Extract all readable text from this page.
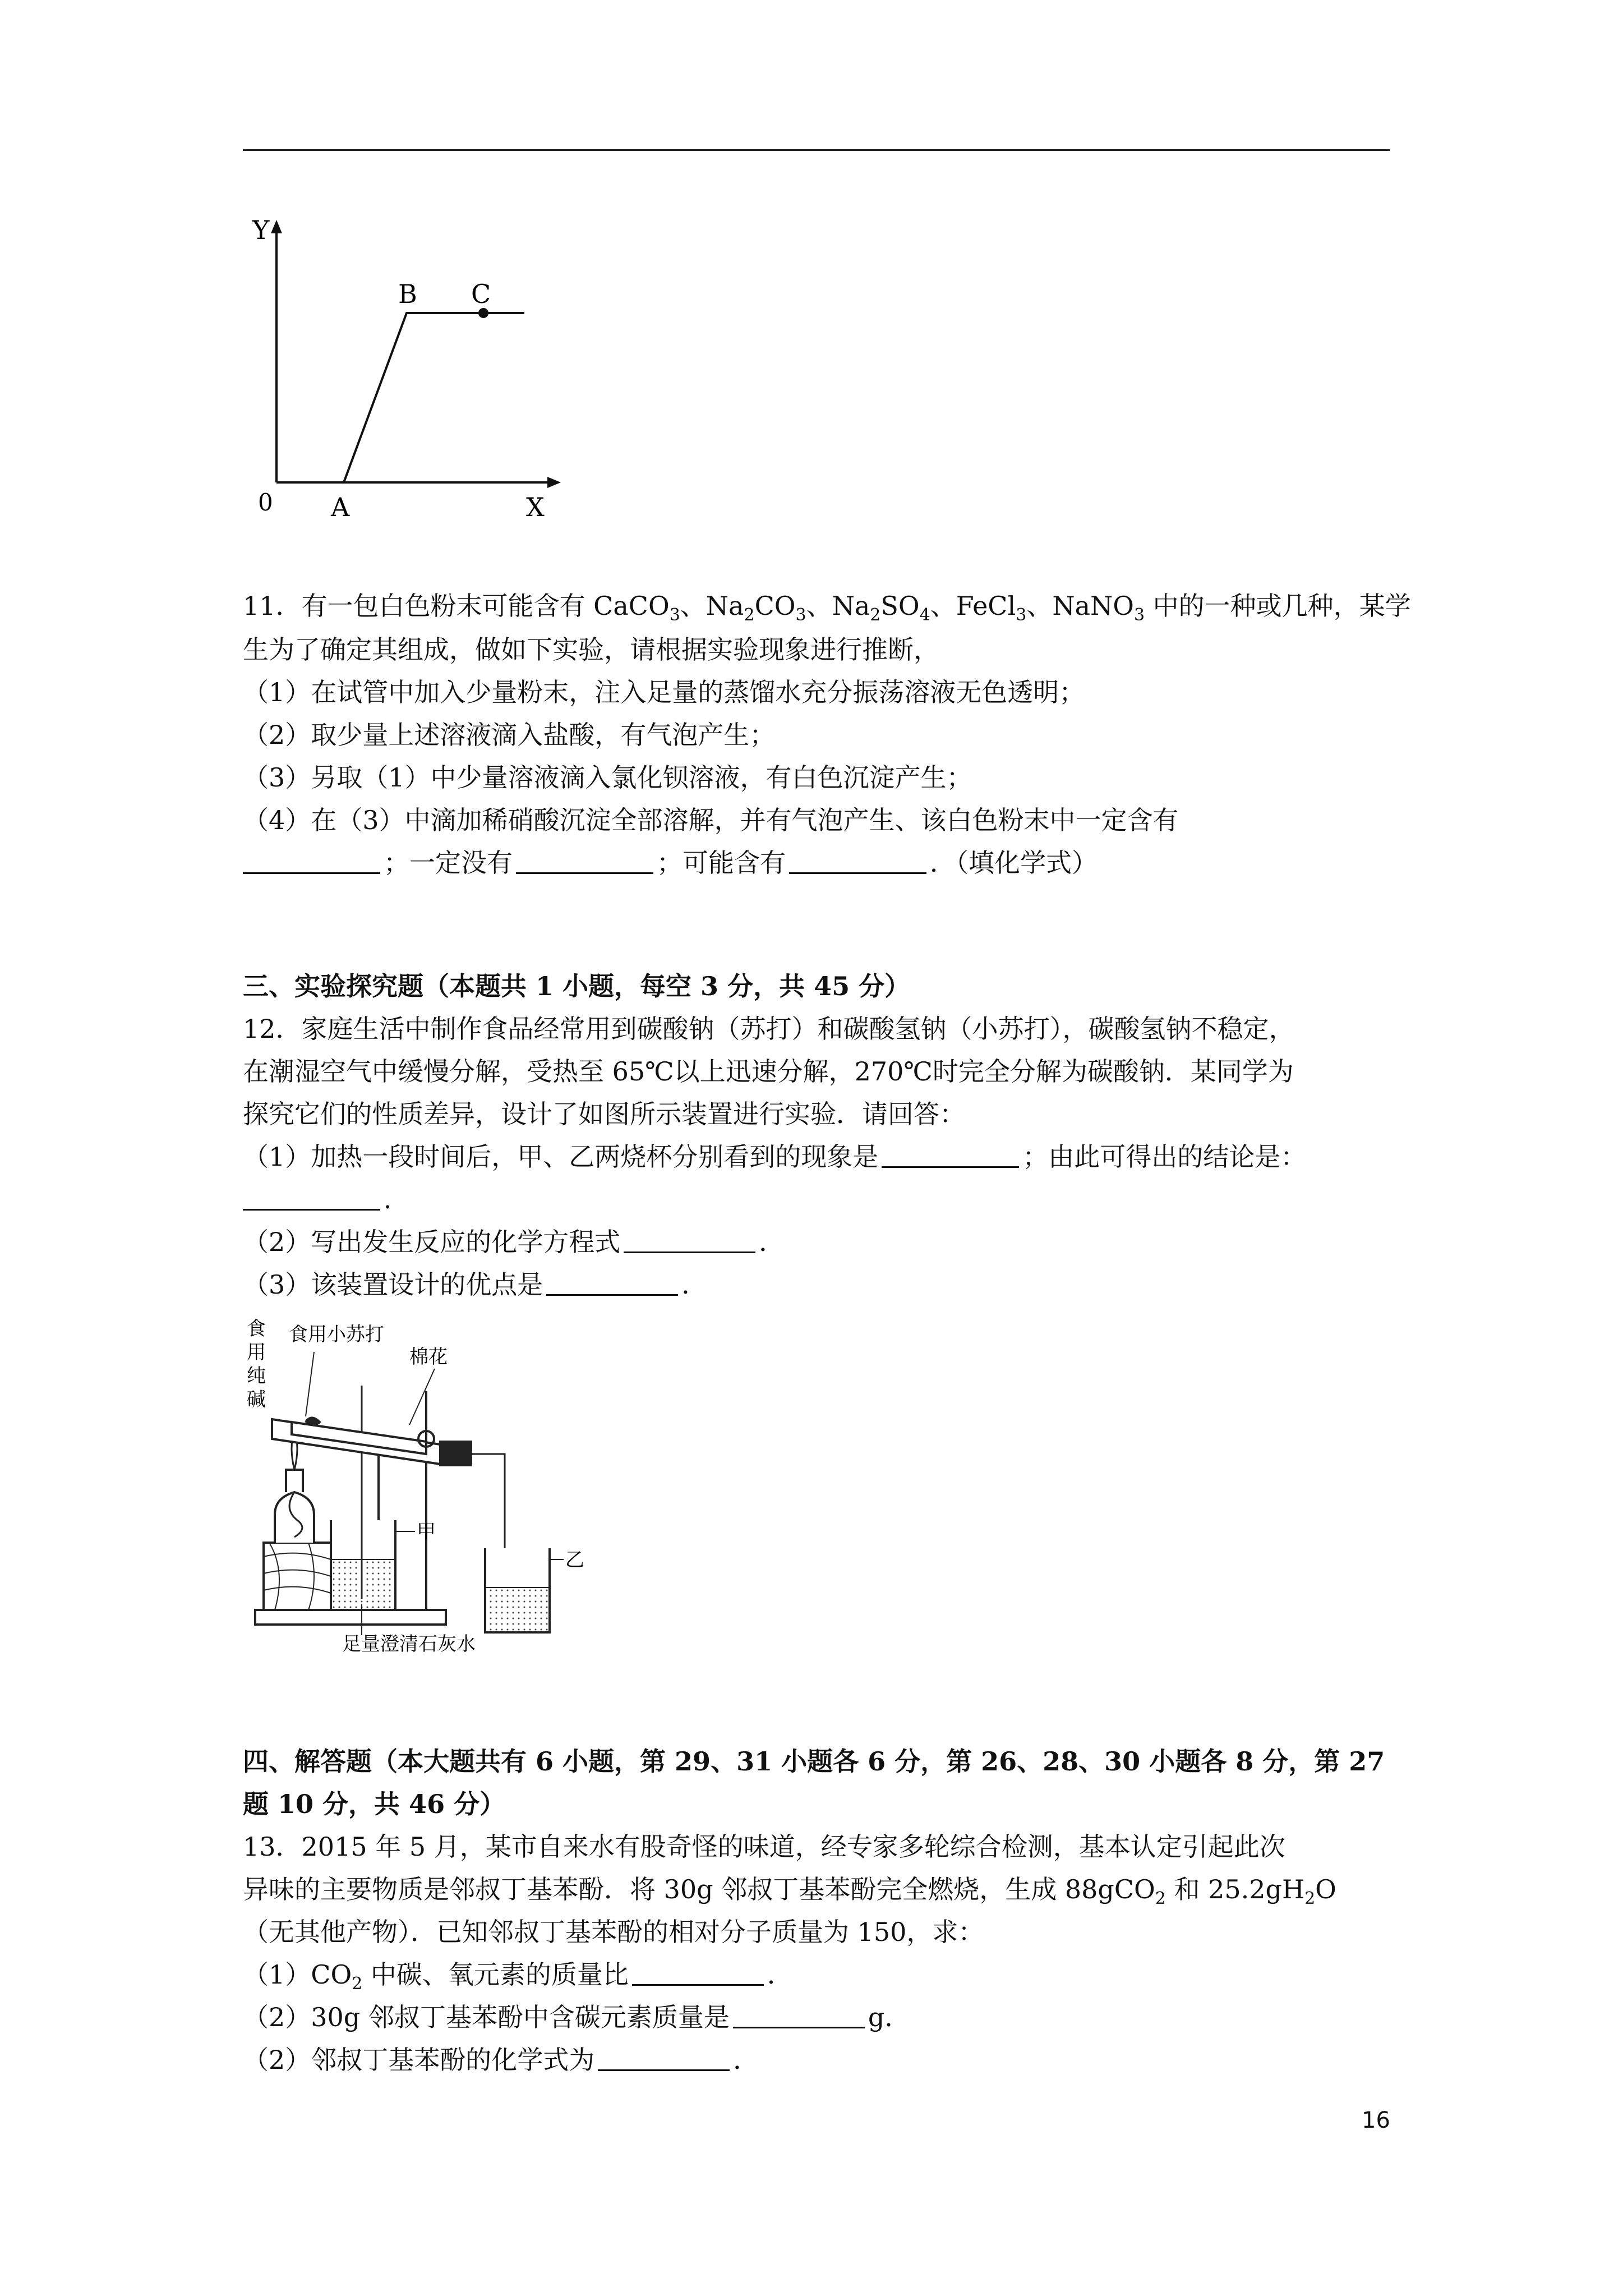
Y
0 A
B C
X
11．有一包白色粉末可能含有 CaCO$_3$、$Na_2CO_3$、$Na_2SO_4$、FeCl$_3$、NaNO$_3$ 中的一种或几种，某学
生为了确定其组成，做如下实验，请根据实验现象进行推断，
（1）在试管中加入少量粉末，注入足量的蒸馏水充分振荡溶液无色透明；
（2）取少量上述溶液滴入盐酸，有气泡产生；
（3）另取（1）中少量溶液滴入氯化钡溶液，有白色沉淀产生；
（4）在（3）中滴加稀硝酸沉淀全部溶解，并有气泡产生、该白色粉末中一定含有
；一定没有	；可能含有	．（填化学式）
三、实验探究题（本题共 1 小题，每空 3 分，共 45 分）
12．家庭生活中制作食品经常用到碳酸钠（苏打）和碳酸氢钠（小苏打），碳酸氢钠不稳定，
在潮湿空气中缓慢分解，受热至 65℃以上迅速分解，270℃时完全分解为碳酸钠．某同学为
探究它们的性质差异，设计了如图所示装置进行实验．请回答：
（1）加热一段时间后，甲、乙两烧杯分别看到的现象是	；由此可得出的结论是：
．
（2）写出发生反应的化学方程式	．
（3）该装置设计的优点是	．
食用小苏打
棉花
食
用
纯
碱
甲
乙
足量澄清石灰水
四、解答题（本大题共有 6 小题，第 29、31 小题各 6 分，第 26、28、30 小题各 8 分，第 27
题 10 分，共 46 分）
13．2015 年 5 月，某市自来水有股奇怪的味道，经专家多轮综合检测，基本认定引起此次
异味的主要物质是邻叔丁基苯酚．将 30g 邻叔丁基苯酚完全燃烧，生成 88gCO$_2$ 和 $25.2gH_2O$
（无其他产物）．已知邻叔丁基苯酚的相对分子质量为 150，求：
$(1)CO_2$ 中碳、氧元素的质量比	．
（2）30g 邻叔丁基苯酚中含碳元素质量是	g．
（2）邻叔丁基苯酚的化学式为	．
16
